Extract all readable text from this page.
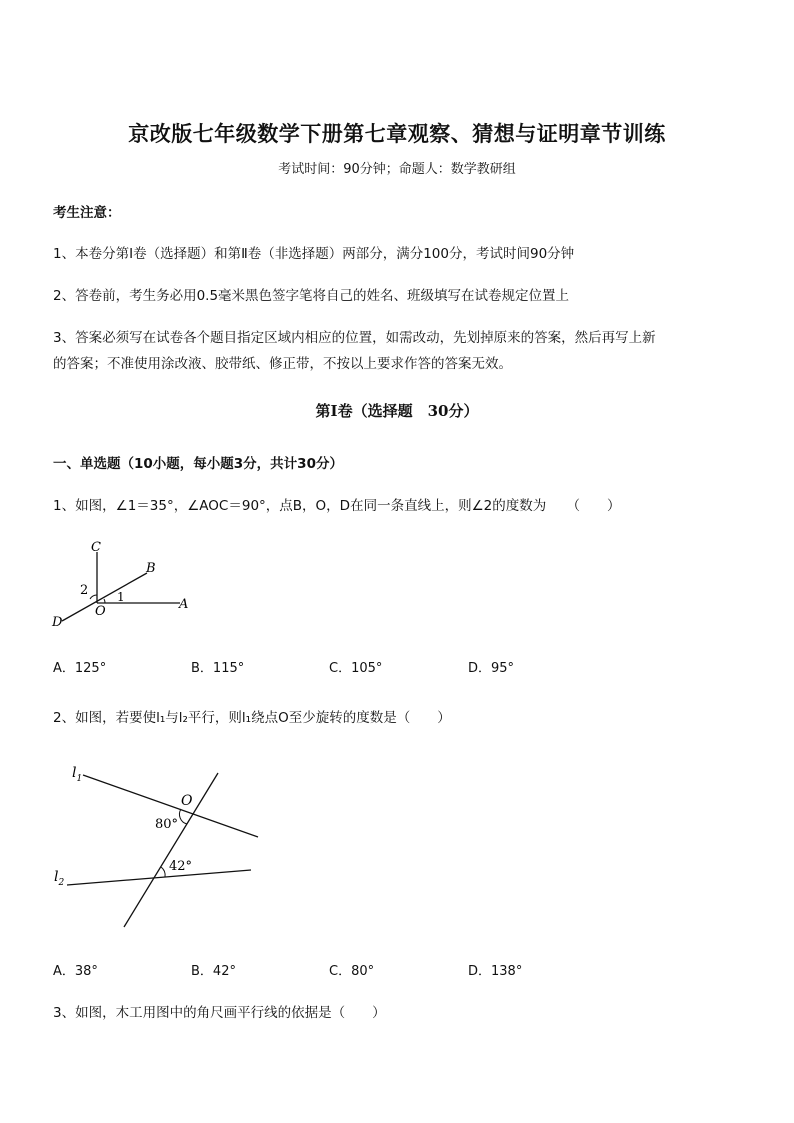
京改版七年级数学下册第七章观察、猜想与证明章节训练
考试时间：90分钟；命题人：数学教研组
考生注意：
1、本卷分第Ⅰ卷（选择题）和第Ⅱ卷（非选择题）两部分，满分100分，考试时间90分钟
2、答卷前，考生务必用0.5毫米黑色签字笔将自己的姓名、班级填写在试卷规定位置上
3、答案必须写在试卷各个题目指定区域内相应的位置，如需改动，先划掉原来的答案，然后再写上新
的答案；不准使用涂改液、胶带纸、修正带，不按以上要求作答的答案无效。
第Ⅰ卷（选择题　30分）
一、单选题（10小题，每小题3分，共计30分）
1、如图，∠1＝35°，∠AOC＝90°，点B，O，D在同一条直线上，则∠2的度数为　　（　　）
C
B
2 1
O	A
D
A．125°	B．115°	C．105°	D．95°
2、如图，若要使l₁与l₂平行，则l₁绕点O至少旋转的度数是（　　）
$l_1$
$l_2$
O
80°
42°
A．38°	B．42°	C．80°	D．138°
3、如图，木工用图中的角尺画平行线的依据是（　　）
